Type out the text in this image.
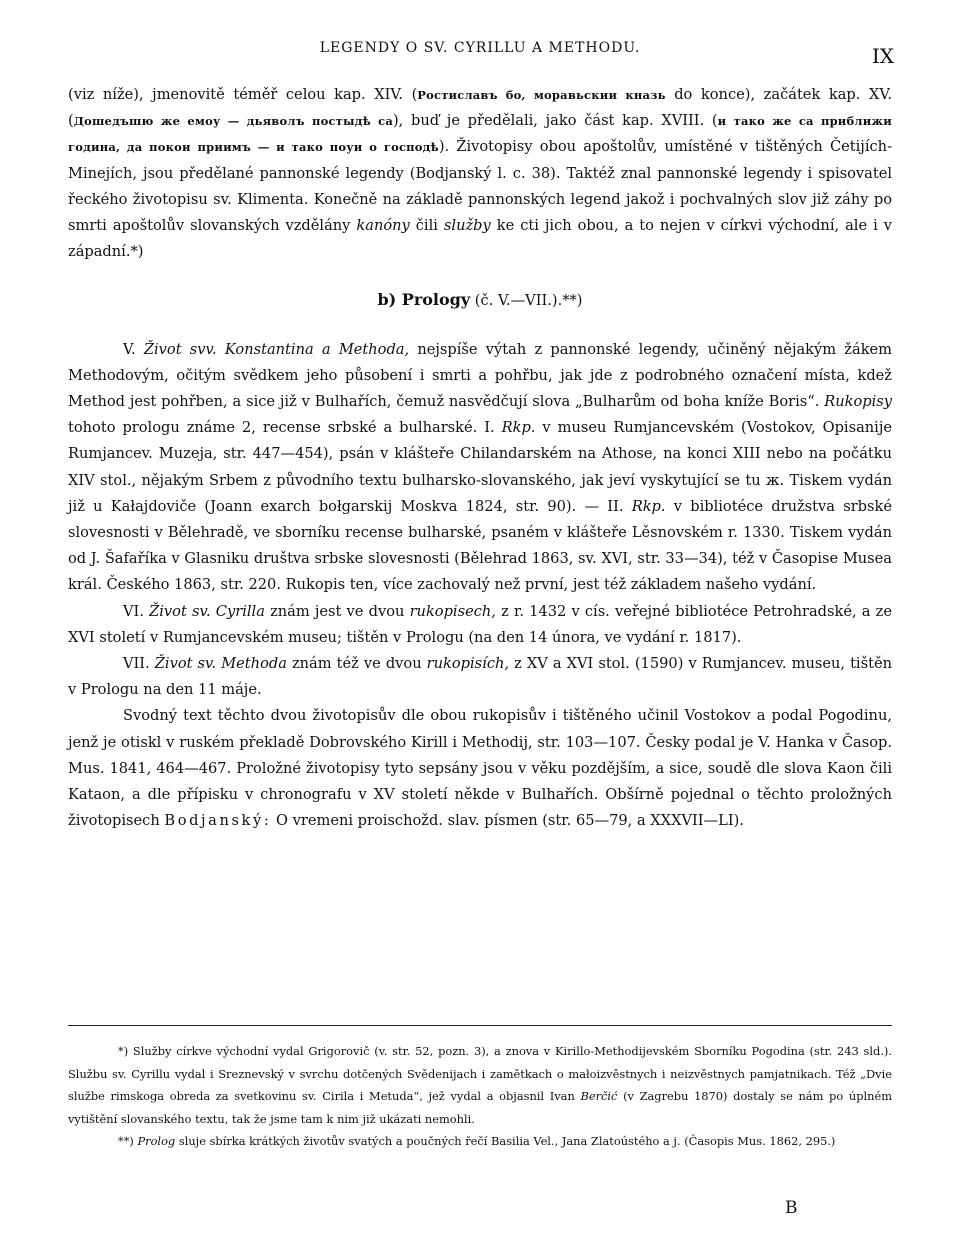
LEGENDY O SV. CYRILLU A METHODU.	IX

(viz níže), jmenovitě téměř celou kap. XIV. (Ростиславъ бо, моравьскии кназь do konce), začátek kap. XV. (Дошедъшю же емоу — дьяволъ постыдѣ са), buď je předělali, jako část kap. XVIII. (и тако же са приближи година, да покои приимъ — и тако поуи о господѣ). Životopisy obou apoštolův, umístěné v tištěných Četijích-Minejích, jsou předělané pannonské legendy (Bodjanský l. c. 38). Taktéž znal pannonské legendy i spisovatel řeckého životopisu sv. Klimenta. Konečně na základě pannonských legend jakož i pochvalných slov již záhy po smrti apoštolův slovanských vzdělány kanóny čili služby ke cti jich obou, a to nejen v církvi východní, ale i v západní.*)

b) Prology (č. V.—VII.).**)

V. Život svv. Konstantina a Methoda, nejspíše výtah z pannonské legendy, učiněný nějakým žákem Methodovým, očitým svědkem jeho působení i smrti a pohřbu, jak jde z podrobného označení místa, kdež Method jest pohřben, a sice již v Bulhařích, čemuž nasvědčují slova „Bulharům od boha kníže Boris“. Rukopisy tohoto prologu známe 2, recense srbské a bulharské. I. Rkp. v museu Rumjancevském (Vostokov, Opisanije Rumjancev. Muzeja, str. 447—454), psán v klášteře Chilandarském na Athose, na konci XIII nebo na počátku XIV stol., nějakým Srbem z původního textu bulharsko-slovanského, jak jeví vyskytující se tu ж. Tiskem vydán již u Kałajdoviče (Joann exarch bołgarskij Moskva 1824, str. 90). — II. Rkp. v bibliotéce družstva srbské slovesnosti v Bělehradě, ve sborníku recense bulharské, psaném v klášteře Lěsnovském r. 1330. Tiskem vydán od J. Šafaříka v Glasniku društva srbske slovesnosti (Bělehrad 1863, sv. XVI, str. 33—34), též v Časopise Musea král. Českého 1863, str. 220. Rukopis ten, více zachovalý než první, jest též základem našeho vydání.

VI. Život sv. Cyrilla znám jest ve dvou rukopisech, z r. 1432 v cís. veřejné bibliotéce Petrohradské, a ze XVI století v Rumjancevském museu; tištěn v Prologu (na den 14 února, ve vydání r. 1817).

VII. Život sv. Methoda znám též ve dvou rukopisích, z XV a XVI stol. (1590) v Rumjancev. museu, tištěn v Prologu na den 11 máje.

Svodný text těchto dvou životopisův dle obou rukopisův i tištěného učinil Vostokov a podal Pogodinu, jenž je otiskl v ruském překladě Dobrovského Kirill i Methodij, str. 103—107. Česky podal je V. Hanka v Časop. Mus. 1841, 464—467. Proložné životopisy tyto sepsány jsou v věku pozdějším, a sice, soudě dle slova Kaon čili Kataon, a dle přípisku v chronografu v XV století někde v Bulhařích. Obšírně pojednal o těchto proložných životopisech Bodjanský: O vremeni proischožd. slav. písmen (str. 65—79, a XXXVII—LI).

*) Služby církve východní vydal Grigorovič (v. str. 52, pozn. 3), a znova v Kirillo-Methodijevském Sborníku Pogodina (str. 243 sld.). Službu sv. Cyrillu vydal i Sreznevský v svrchu dotčených Svědenijach i zamětkach o małoizvěstnych i neizvěstnych pamjatnikach. Též „Dvie službe rimskoga obreda za svetkovinu sv. Cirila i Metuda“, jež vydal a objasnil Ivan Berčić (v Zagrebu 1870) dostaly se nám po úplném vytištění slovanského textu, tak že jsme tam k nim již ukázati nemohli.

**) Prolog sluje sbírka krátkých životův svatých a poučných řečí Basilia Vel., Jana Zlatoústého a j. (Časopis Mus. 1862, 295.)

B
